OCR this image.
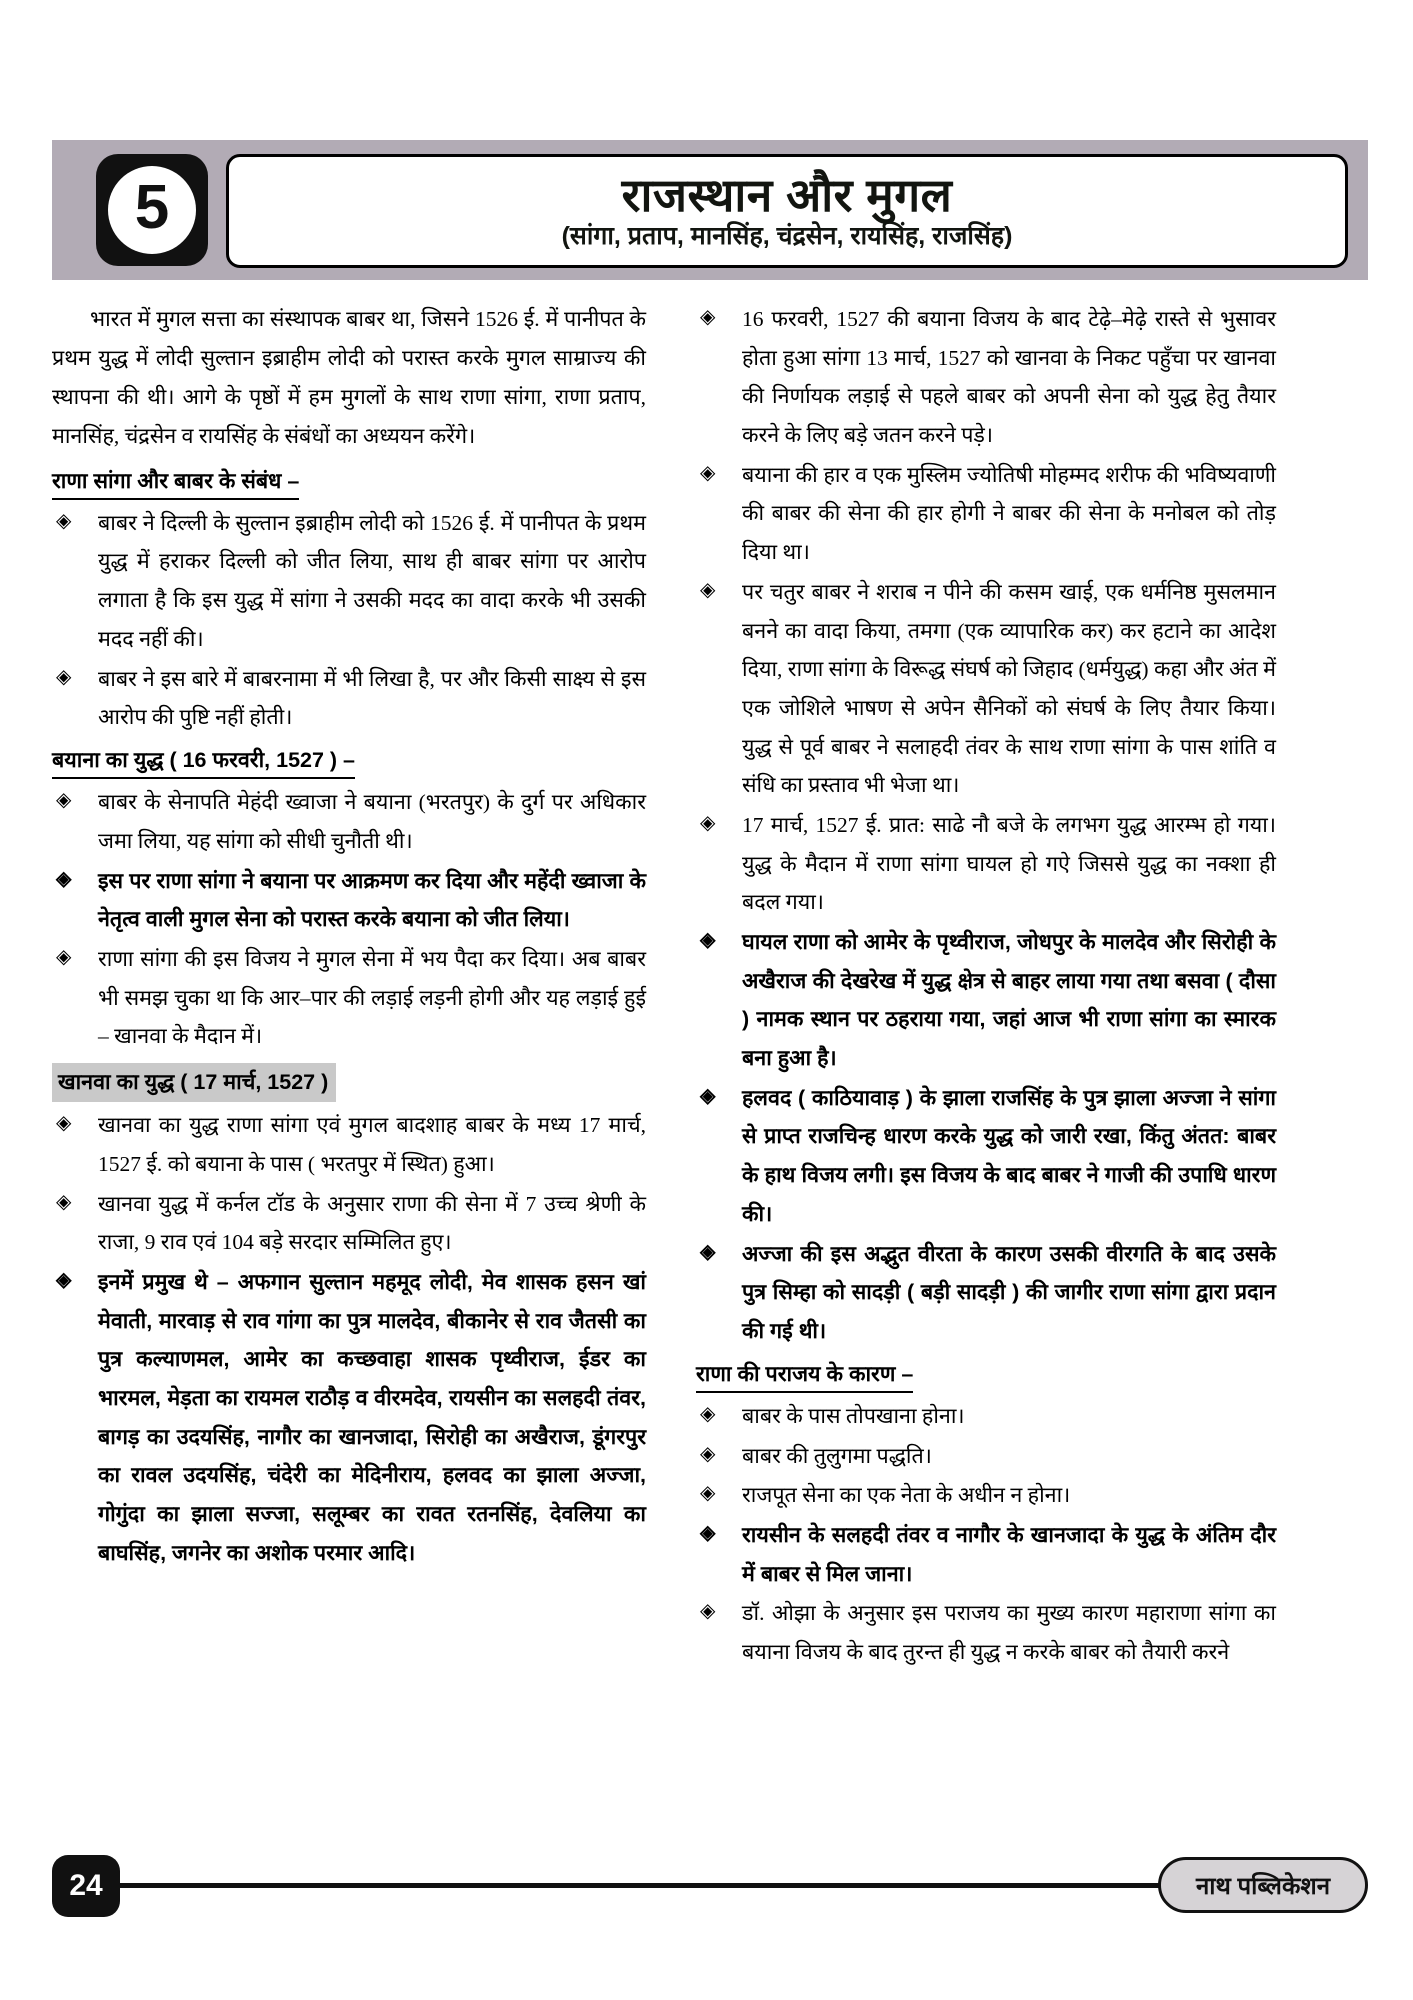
5	राजस्थान और मुगल
(सांगा, प्रताप, मानसिंह, चंद्रसेन, रायसिंह, राजसिंह)

भारत में मुगल सत्ता का संस्थापक बाबर था, जिसने 1526 ई. में पानीपत के प्रथम युद्ध में लोदी सुल्तान इब्राहीम लोदी को परास्त करके मुगल साम्राज्य की स्थापना की थी। आगे के पृष्ठों में हम मुगलों के साथ राणा सांगा, राणा प्रताप, मानसिंह, चंद्रसेन व रायसिंह के संबंधों का अध्ययन करेंगे।

राणा सांगा और बाबर के संबंध –
◈ बाबर ने दिल्ली के सुल्तान इब्राहीम लोदी को 1526 ई. में पानीपत के प्रथम युद्ध में हराकर दिल्ली को जीत लिया, साथ ही बाबर सांगा पर आरोप लगाता है कि इस युद्ध में सांगा ने उसकी मदद का वादा करके भी उसकी मदद नहीं की।
◈ बाबर ने इस बारे में बाबरनामा में भी लिखा है, पर और किसी साक्ष्य से इस आरोप की पुष्टि नहीं होती।
बयाना का युद्ध ( 16 फरवरी, 1527 ) –
◈ बाबर के सेनापति मेहंदी ख्वाजा ने बयाना (भरतपुर) के दुर्ग पर अधिकार जमा लिया, यह सांगा को सीधी चुनौती थी।
◈ इस पर राणा सांगा ने बयाना पर आक्रमण कर दिया और महेंदी ख्वाजा के नेतृत्व वाली मुगल सेना को परास्त करके बयाना को जीत लिया।
◈ राणा सांगा की इस विजय ने मुगल सेना में भय पैदा कर दिया। अब बाबर भी समझ चुका था कि आर–पार की लड़ाई लड़नी होगी और यह लड़ाई हुई – खानवा के मैदान में।
खानवा का युद्ध ( 17 मार्च, 1527 )
◈ खानवा का युद्ध राणा सांगा एवं मुगल बादशाह बाबर के मध्य 17 मार्च, 1527 ई. को बयाना के पास ( भरतपुर में स्थित) हुआ।
◈ खानवा युद्ध में कर्नल टॉड के अनुसार राणा की सेना में 7 उच्च श्रेणी के राजा, 9 राव एवं 104 बड़े सरदार सम्मिलित हुए।
◈ इनमें प्रमुख थे – अफगान सुल्तान महमूद लोदी, मेव शासक हसन खां मेवाती, मारवाड़ से राव गांगा का पुत्र मालदेव, बीकानेर से राव जैतसी का पुत्र कल्याणमल, आमेर का कच्छवाहा शासक पृथ्वीराज, ईडर का भारमल, मेड़ता का रायमल राठौड़ व वीरमदेव, रायसीन का सलहदी तंवर, बागड़ का उदयसिंह, नागौर का खानजादा, सिरोही का अखैराज, डूंगरपुर का रावल उदयसिंह, चंदेरी का मेदिनीराय, हलवद का झाला अज्जा, गोगुंदा का झाला सज्जा, सलूम्बर का रावत रतनसिंह, देवलिया का बाघसिंह, जगनेर का अशोक परमार आदि।
◈ 16 फरवरी, 1527 की बयाना विजय के बाद टेढ़े–मेढ़े रास्ते से भुसावर होता हुआ सांगा 13 मार्च, 1527 को खानवा के निकट पहुँचा पर खानवा की निर्णायक लड़ाई से पहले बाबर को अपनी सेना को युद्ध हेतु तैयार करने के लिए बड़े जतन करने पड़े।
◈ बयाना की हार व एक मुस्लिम ज्योतिषी मोहम्मद शरीफ की भविष्यवाणी की बाबर की सेना की हार होगी ने बाबर की सेना के मनोबल को तोड़ दिया था।
◈ पर चतुर बाबर ने शराब न पीने की कसम खाई, एक धर्मनिष्ठ मुसलमान बनने का वादा किया, तमगा (एक व्यापारिक कर) कर हटाने का आदेश दिया, राणा सांगा के विरूद्ध संघर्ष को जिहाद (धर्मयुद्ध) कहा और अंत में एक जोशिले भाषण से अपेन सैनिकों को संघर्ष के लिए तैयार किया। युद्ध से पूर्व बाबर ने सलाहदी तंवर के साथ राणा सांगा के पास शांति व संधि का प्रस्ताव भी भेजा था।
◈ 17 मार्च, 1527 ई. प्रात: साढे नौ बजे के लगभग युद्ध आरम्भ हो गया। युद्ध के मैदान में राणा सांगा घायल हो गऐ जिससे युद्ध का नक्शा ही बदल गया।
◈ घायल राणा को आमेर के पृथ्वीराज, जोधपुर के मालदेव और सिरोही के अखैराज की देखरेख में युद्ध क्षेत्र से बाहर लाया गया तथा बसवा ( दौसा ) नामक स्थान पर ठहराया गया, जहां आज भी राणा सांगा का स्मारक बना हुआ है।
◈ हलवद ( काठियावाड़ ) के झाला राजसिंह के पुत्र झाला अज्जा ने सांगा से प्राप्त राजचिन्ह धारण करके युद्ध को जारी रखा, किंतु अंतत: बाबर के हाथ विजय लगी। इस विजय के बाद बाबर ने गाजी की उपाधि धारण की।
◈ अज्जा की इस अद्भुत वीरता के कारण उसकी वीरगति के बाद उसके पुत्र सिम्हा को सादड़ी ( बड़ी सादड़ी ) की जागीर राणा सांगा द्वारा प्रदान की गई थी।
राणा की पराजय के कारण –
◈ बाबर के पास तोपखाना होना।
◈ बाबर की तुलुगमा पद्धति।
◈ राजपूत सेना का एक नेता के अधीन न होना।
◈ रायसीन के सलहदी तंवर व नागौर के खानजादा के युद्ध के अंतिम दौर में बाबर से मिल जाना।
◈ डॉ. ओझा के अनुसार इस पराजय का मुख्य कारण महाराणा सांगा का बयाना विजय के बाद तुरन्त ही युद्ध न करके बाबर को तैयारी करने
24	नाथ पब्लिकेशन
